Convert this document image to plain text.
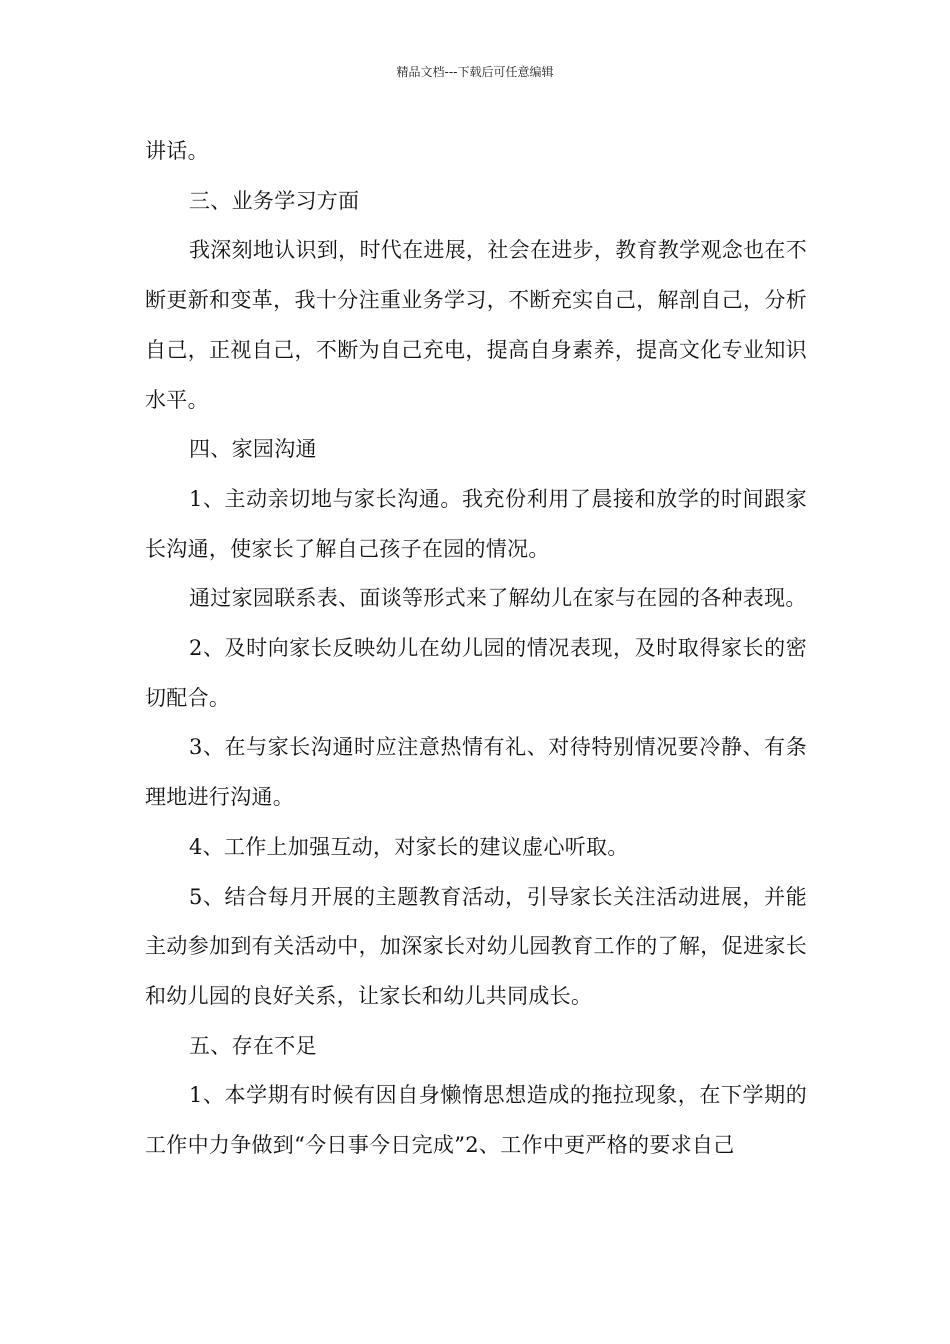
精品文档---下载后可任意编辑

讲话。

三、业务学习方面

我深刻地认识到，时代在进展，社会在进步，教育教学观念也在不断更新和变革，我十分注重业务学习，不断充实自己，解剖自己，分析自己，正视自己，不断为自己充电，提高自身素养，提高文化专业知识水平。

四、家园沟通

1、主动亲切地与家长沟通。我充份利用了晨接和放学的时间跟家长沟通，使家长了解自己孩子在园的情况。

通过家园联系表、面谈等形式来了解幼儿在家与在园的各种表现。

2、及时向家长反映幼儿在幼儿园的情况表现，及时取得家长的密切配合。

3、在与家长沟通时应注意热情有礼、对待特别情况要冷静、有条理地进行沟通。

4、工作上加强互动，对家长的建议虚心听取。

5、结合每月开展的主题教育活动，引导家长关注活动进展，并能主动参加到有关活动中，加深家长对幼儿园教育工作的了解，促进家长和幼儿园的良好关系，让家长和幼儿共同成长。

五、存在不足

1、本学期有时候有因自身懒惰思想造成的拖拉现象，在下学期的工作中力争做到“今日事今日完成”2、工作中更严格的要求自己
